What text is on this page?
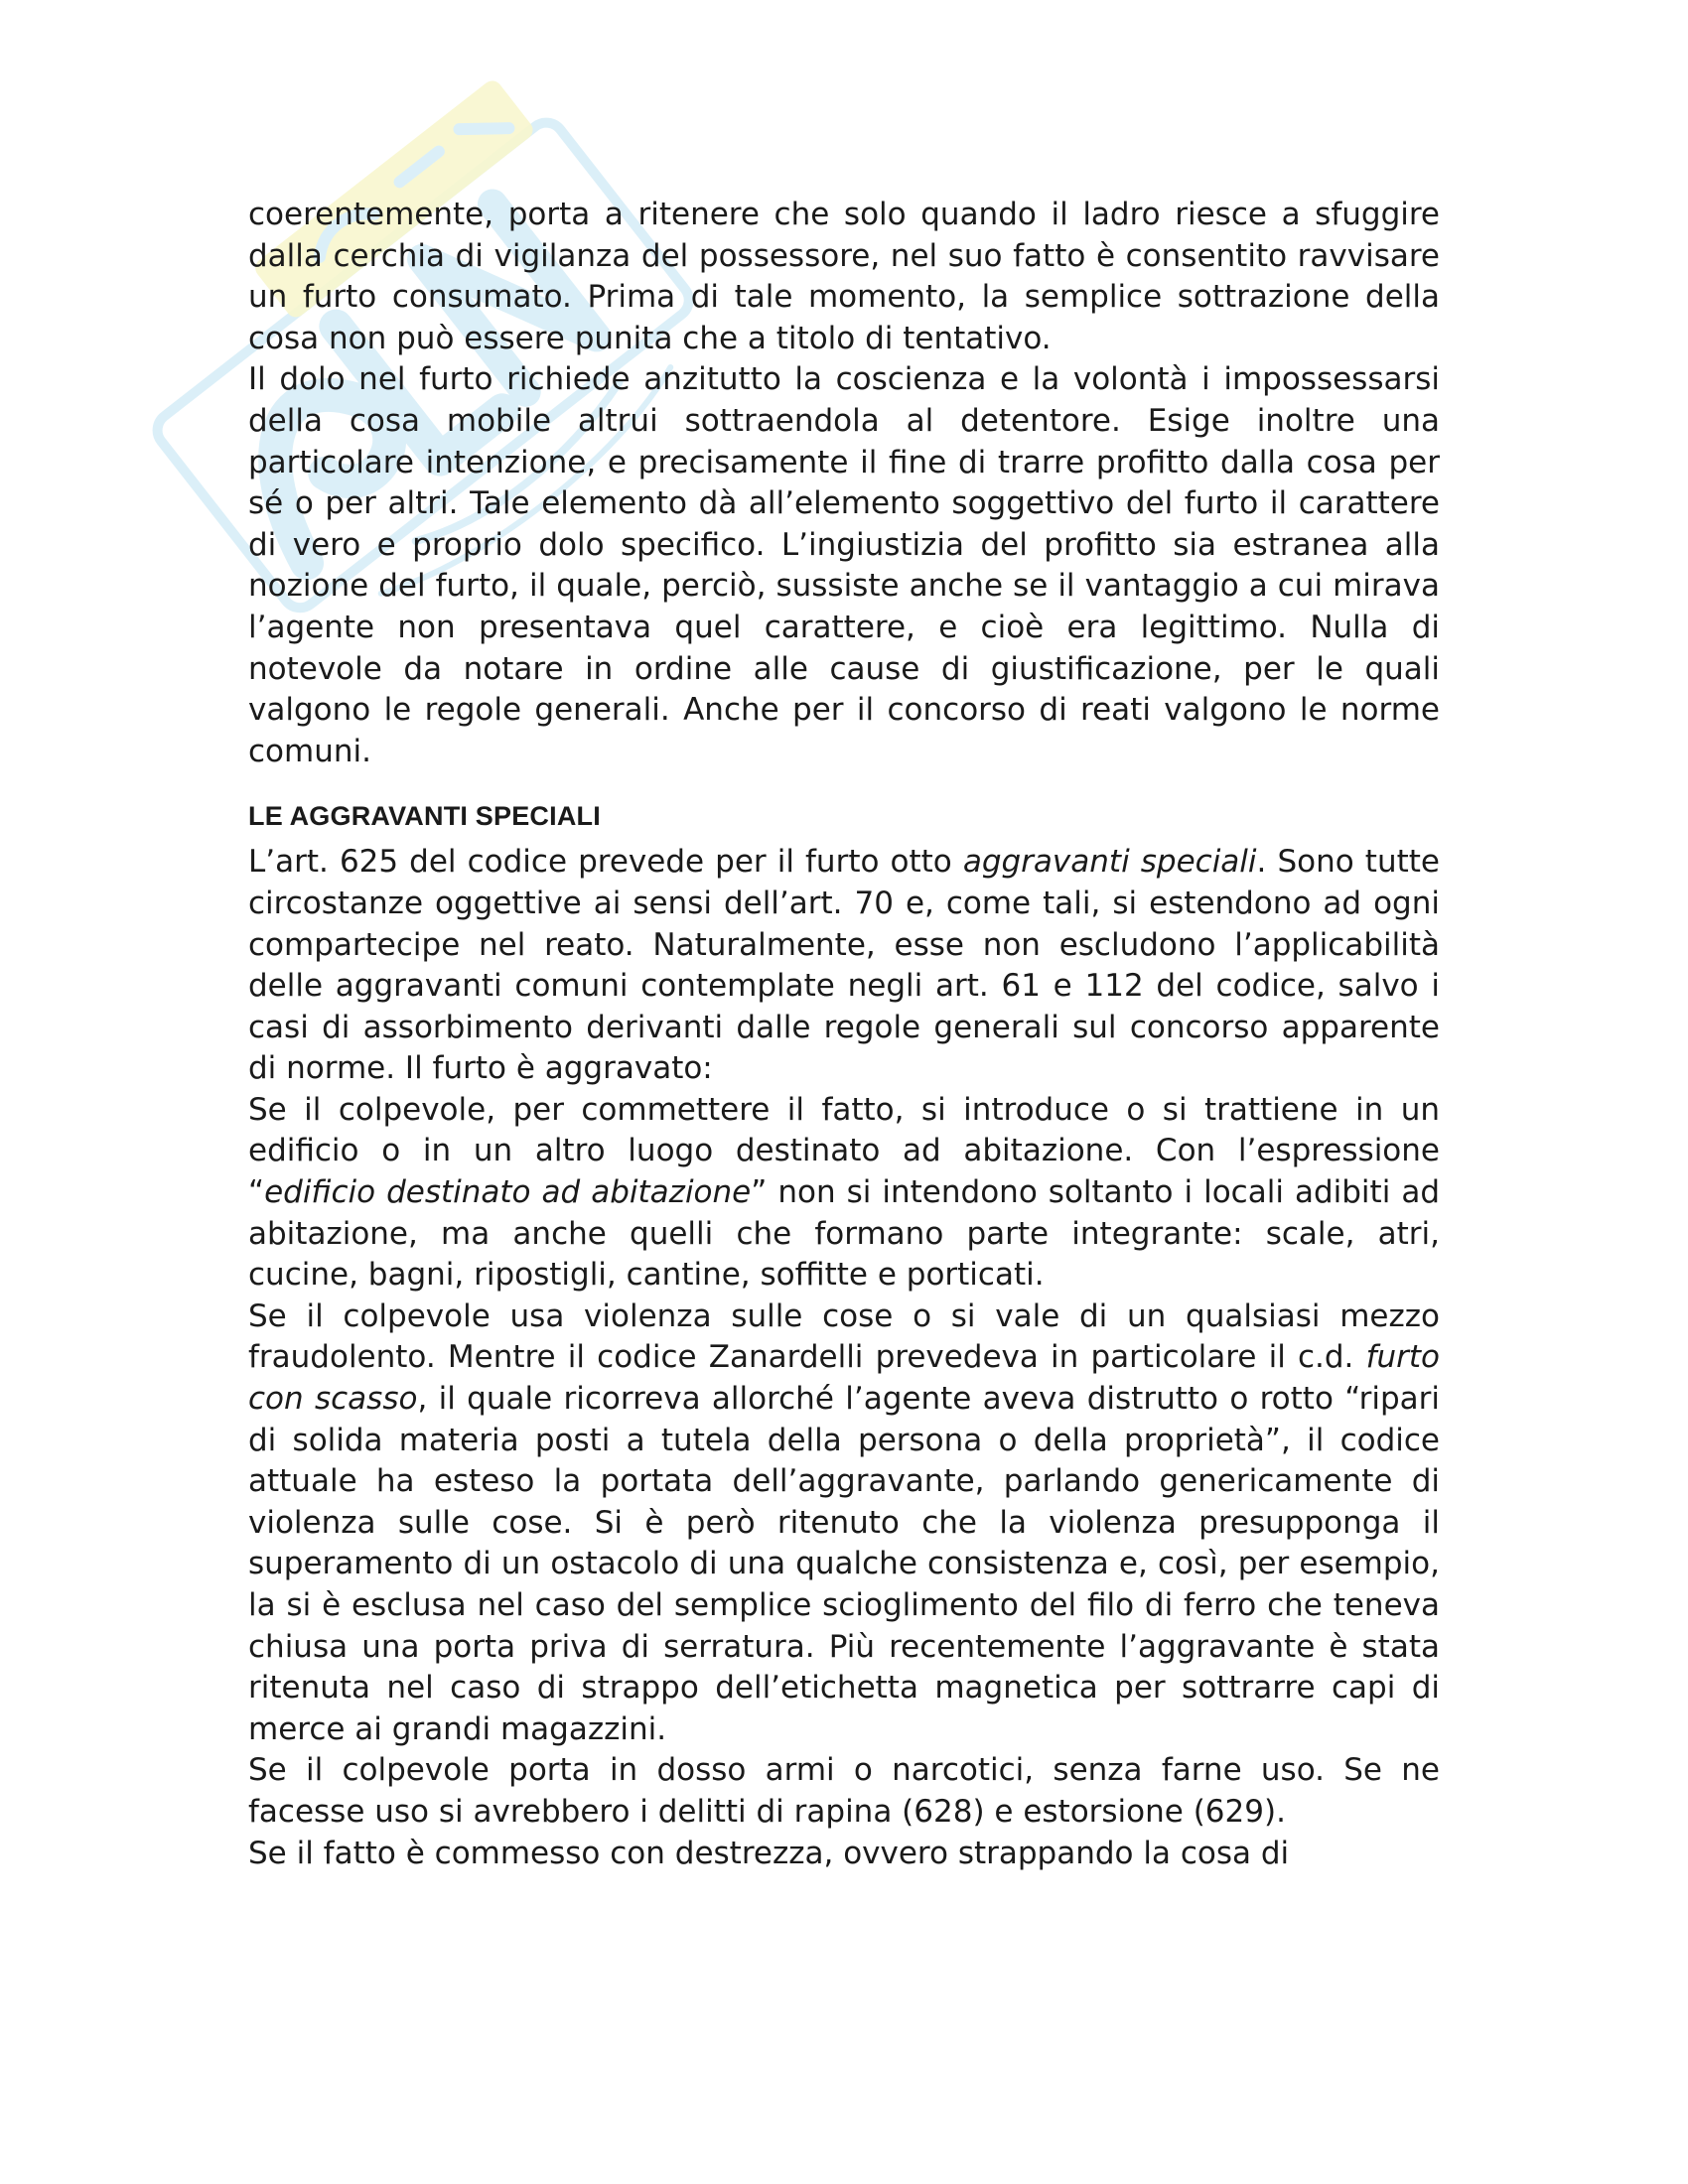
coerentemente, porta a ritenere che solo quando il ladro riesce a sfuggire dalla cerchia di vigilanza del possessore, nel suo fatto è consentito ravvisare un furto consumato. Prima di tale momento, la semplice sottrazione della cosa non può essere punita che a titolo di tentativo.

Il dolo nel furto richiede anzitutto la coscienza e la volontà i impossessarsi della cosa mobile altrui sottraendola al detentore. Esige inoltre una particolare intenzione, e precisamente il fine di trarre profitto dalla cosa per sé o per altri. Tale elemento dà all’elemento soggettivo del furto il carattere di vero e proprio dolo specifico. L’ingiustizia del profitto sia estranea alla nozione del furto, il quale, perciò, sussiste anche se il vantaggio a cui mirava l’agente non presentava quel carattere, e cioè era legittimo. Nulla di notevole da notare in ordine alle cause di giustificazione, per le quali valgono le regole generali. Anche per il concorso di reati valgono le norme comuni.

LE AGGRAVANTI SPECIALI

L’art. 625 del codice prevede per il furto otto aggravanti speciali. Sono tutte circostanze oggettive ai sensi dell’art. 70 e, come tali, si estendono ad ogni compartecipe nel reato. Naturalmente, esse non escludono l’applicabilità delle aggravanti comuni contemplate negli art. 61 e 112 del codice, salvo i casi di assorbimento derivanti dalle regole generali sul concorso apparente di norme. Il furto è aggravato:

Se il colpevole, per commettere il fatto, si introduce o si trattiene in un edificio o in un altro luogo destinato ad abitazione. Con l’espressione “edificio destinato ad abitazione” non si intendono soltanto i locali adibiti ad abitazione, ma anche quelli che formano parte integrante: scale, atri, cucine, bagni, ripostigli, cantine, soffitte e porticati.

Se il colpevole usa violenza sulle cose o si vale di un qualsiasi mezzo fraudolento. Mentre il codice Zanardelli prevedeva in particolare il c.d. furto con scasso, il quale ricorreva allorché l’agente aveva distrutto o rotto “ripari di solida materia posti a tutela della persona o della proprietà”, il codice attuale ha esteso la portata dell’aggravante, parlando genericamente di violenza sulle cose. Si è però ritenuto che la violenza presupponga il superamento di un ostacolo di una qualche consistenza e, così, per esempio, la si è esclusa nel caso del semplice scioglimento del filo di ferro che teneva chiusa una porta priva di serratura. Più recentemente l’aggravante è stata ritenuta nel caso di strappo dell’etichetta magnetica per sottrarre capi di merce ai grandi magazzini.

Se il colpevole porta in dosso armi o narcotici, senza farne uso. Se ne facesse uso si avrebbero i delitti di rapina (628) e estorsione (629).

Se il fatto è commesso con destrezza, ovvero strappando la cosa di
